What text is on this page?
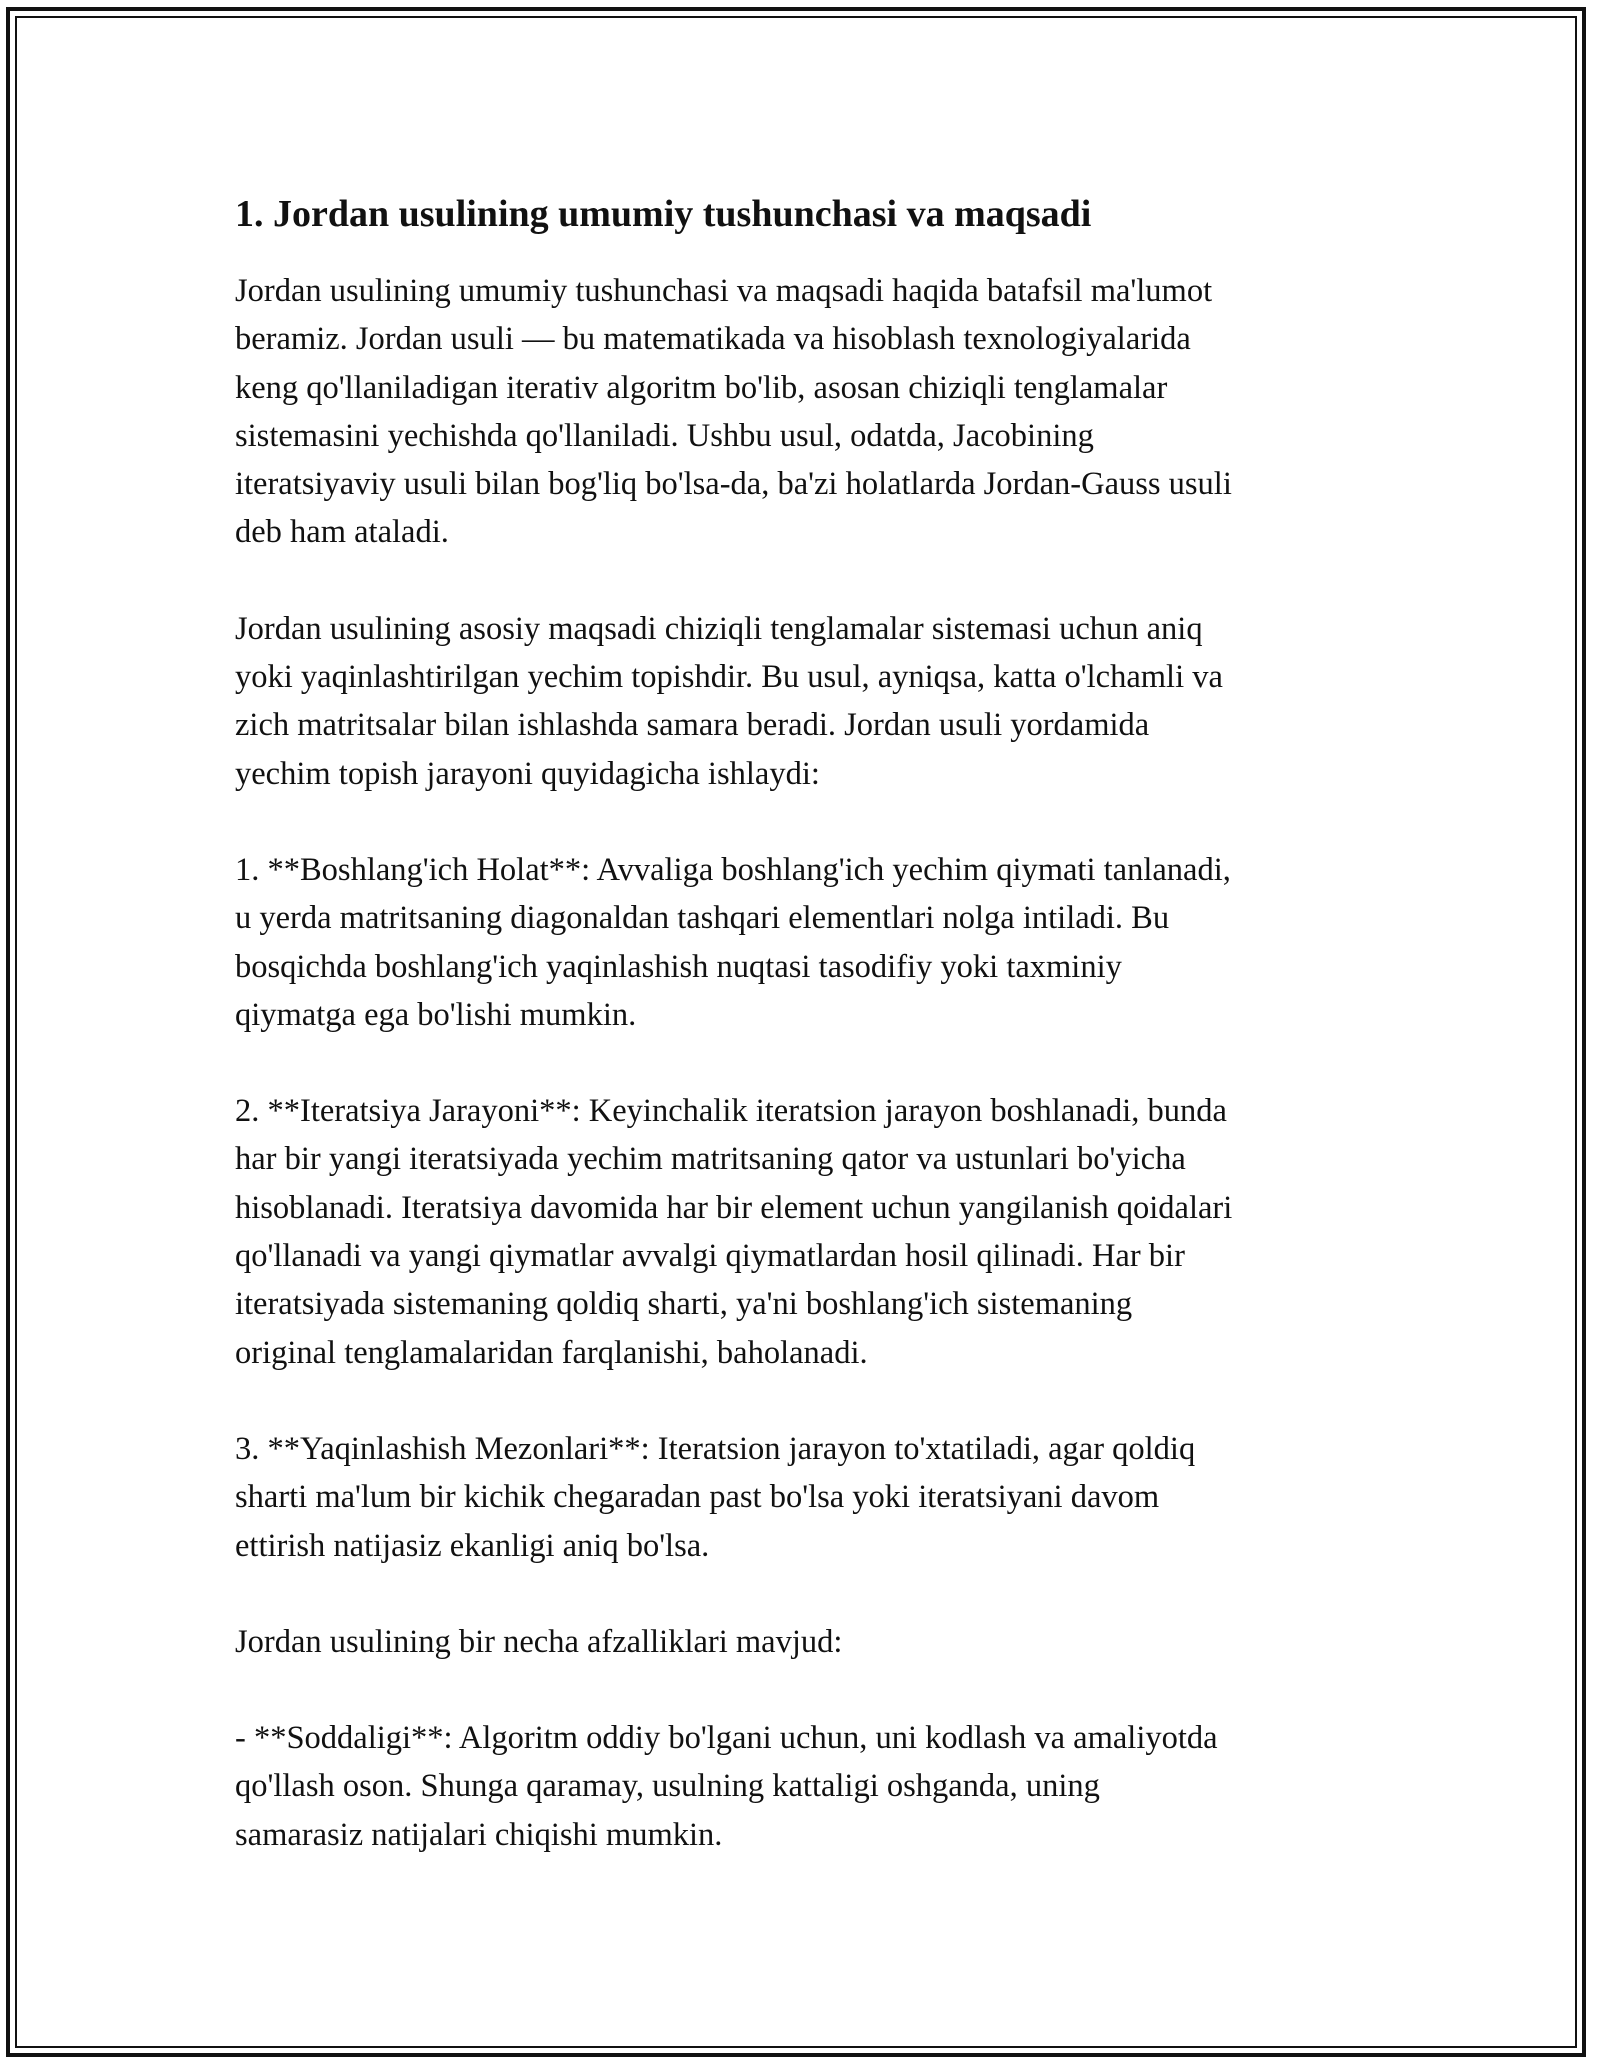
1. Jordan usulining umumiy tushunchasi va maqsadi

Jordan usulining umumiy tushunchasi va maqsadi haqida batafsil ma'lumot
beramiz. Jordan usuli — bu matematikada va hisoblash texnologiyalarida
keng qo'llaniladigan iterativ algoritm bo'lib, asosan chiziqli tenglamalar
sistemasini yechishda qo'llaniladi. Ushbu usul, odatda, Jacobining
iteratsiyaviy usuli bilan bog'liq bo'lsa-da, ba'zi holatlarda Jordan-Gauss usuli
deb ham ataladi.

Jordan usulining asosiy maqsadi chiziqli tenglamalar sistemasi uchun aniq
yoki yaqinlashtirilgan yechim topishdir. Bu usul, ayniqsa, katta o'lchamli va
zich matritsalar bilan ishlashda samara beradi. Jordan usuli yordamida
yechim topish jarayoni quyidagicha ishlaydi:

1. **Boshlang'ich Holat**: Avvaliga boshlang'ich yechim qiymati tanlanadi,
u yerda matritsaning diagonaldan tashqari elementlari nolga intiladi. Bu
bosqichda boshlang'ich yaqinlashish nuqtasi tasodifiy yoki taxminiy
qiymatga ega bo'lishi mumkin.

2. **Iteratsiya Jarayoni**: Keyinchalik iteratsion jarayon boshlanadi, bunda
har bir yangi iteratsiyada yechim matritsaning qator va ustunlari bo'yicha
hisoblanadi. Iteratsiya davomida har bir element uchun yangilanish qoidalari
qo'llanadi va yangi qiymatlar avvalgi qiymatlardan hosil qilinadi. Har bir
iteratsiyada sistemaning qoldiq sharti, ya'ni boshlang'ich sistemaning
original tenglamalaridan farqlanishi, baholanadi.

3. **Yaqinlashish Mezonlari**: Iteratsion jarayon to'xtatiladi, agar qoldiq
sharti ma'lum bir kichik chegaradan past bo'lsa yoki iteratsiyani davom
ettirish natijasiz ekanligi aniq bo'lsa.

Jordan usulining bir necha afzalliklari mavjud:

- **Soddaligi**: Algoritm oddiy bo'lgani uchun, uni kodlash va amaliyotda
qo'llash oson. Shunga qaramay, usulning kattaligi oshganda, uning
samarasiz natijalari chiqishi mumkin.
